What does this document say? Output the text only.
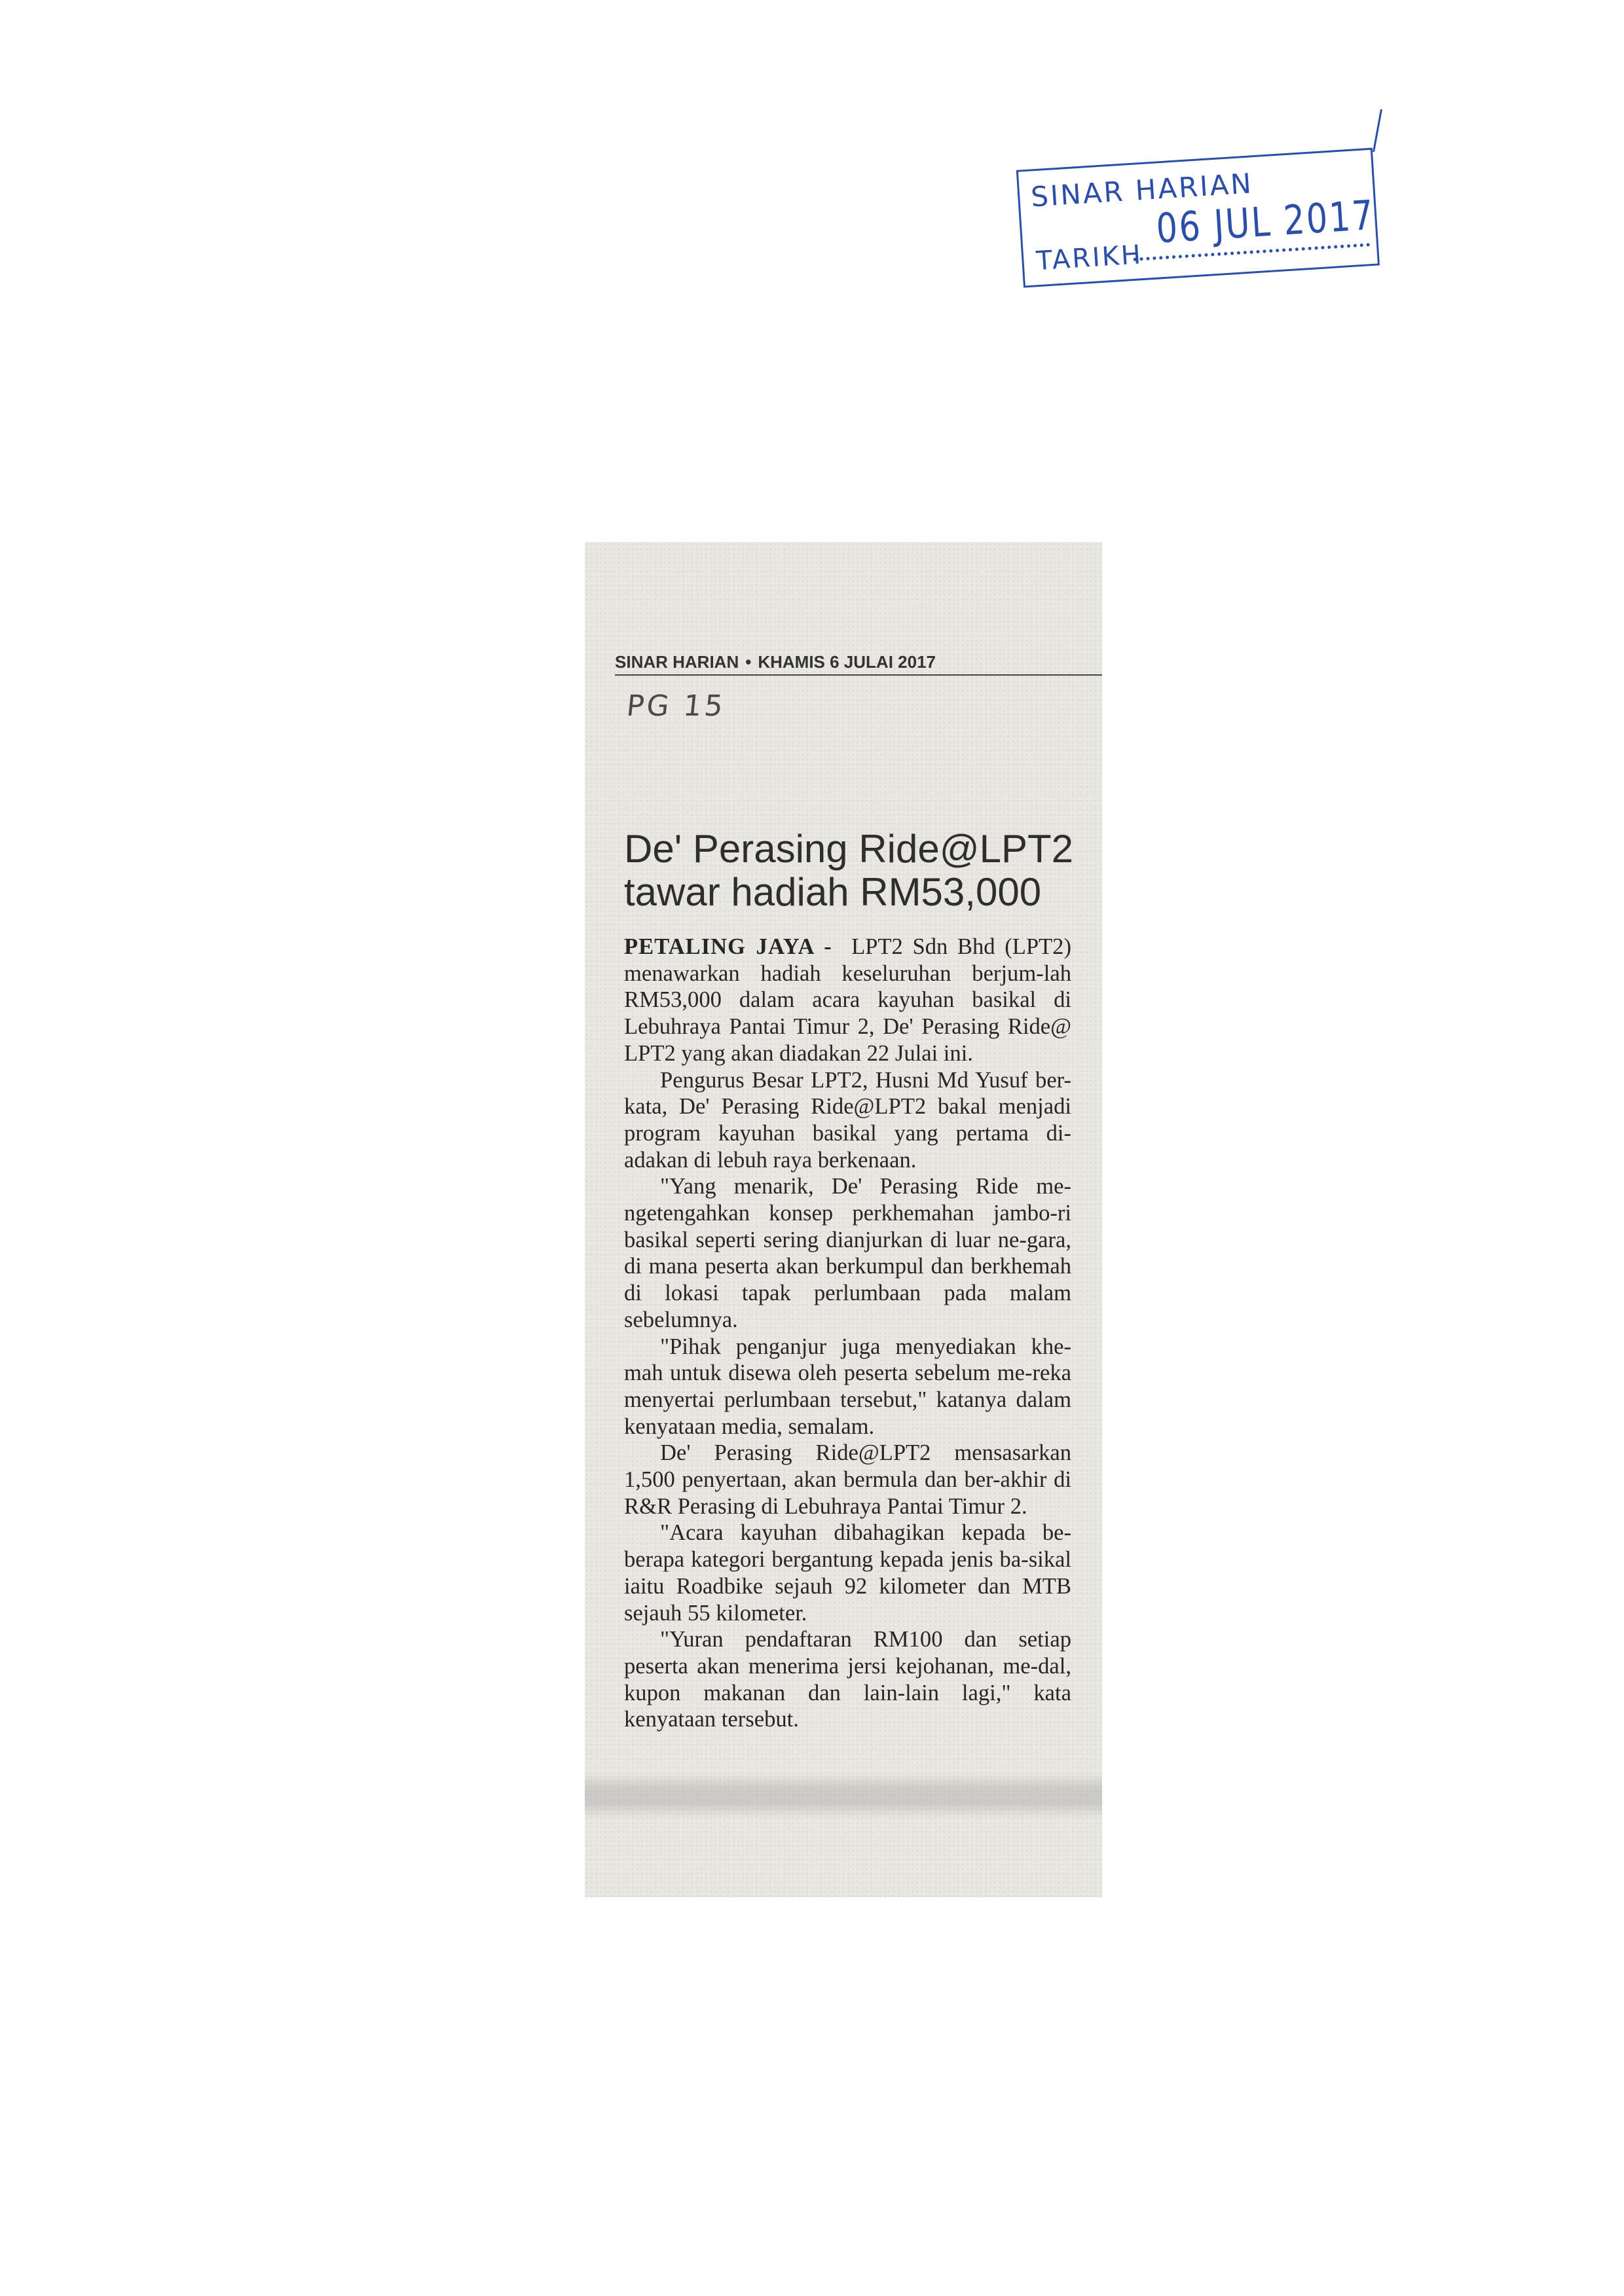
SINAR HARIAN
06 JUL 2017
TARIKH
SINAR HARIAN • KHAMIS 6 JULAI 2017
PG 15
De' Perasing Ride@LPT2 tawar hadiah RM53,000

PETALING JAYA - LPT2 Sdn Bhd (LPT2) menawarkan hadiah keseluruhan berjum-lah RM53,000 dalam acara kayuhan basikal di Lebuhraya Pantai Timur 2, De' Perasing Ride@ LPT2 yang akan diadakan 22 Julai ini.

Pengurus Besar LPT2, Husni Md Yusuf ber-kata, De' Perasing Ride@LPT2 bakal menjadi program kayuhan basikal yang pertama di-adakan di lebuh raya berkenaan.

"Yang menarik, De' Perasing Ride me-ngetengahkan konsep perkhemahan jambo-ri basikal seperti sering dianjurkan di luar ne-gara, di mana peserta akan berkumpul dan berkhemah di lokasi tapak perlumbaan pada malam sebelumnya.

"Pihak penganjur juga menyediakan khe-mah untuk disewa oleh peserta sebelum me-reka menyertai perlumbaan tersebut," katanya dalam kenyataan media, semalam.

De' Perasing Ride@LPT2 mensasarkan 1,500 penyertaan, akan bermula dan ber-akhir di R&R Perasing di Lebuhraya Pantai Timur 2.

"Acara kayuhan dibahagikan kepada be-berapa kategori bergantung kepada jenis ba-sikal iaitu Roadbike sejauh 92 kilometer dan MTB sejauh 55 kilometer.

"Yuran pendaftaran RM100 dan setiap peserta akan menerima jersi kejohanan, me-dal, kupon makanan dan lain-lain lagi," kata kenyataan tersebut.
